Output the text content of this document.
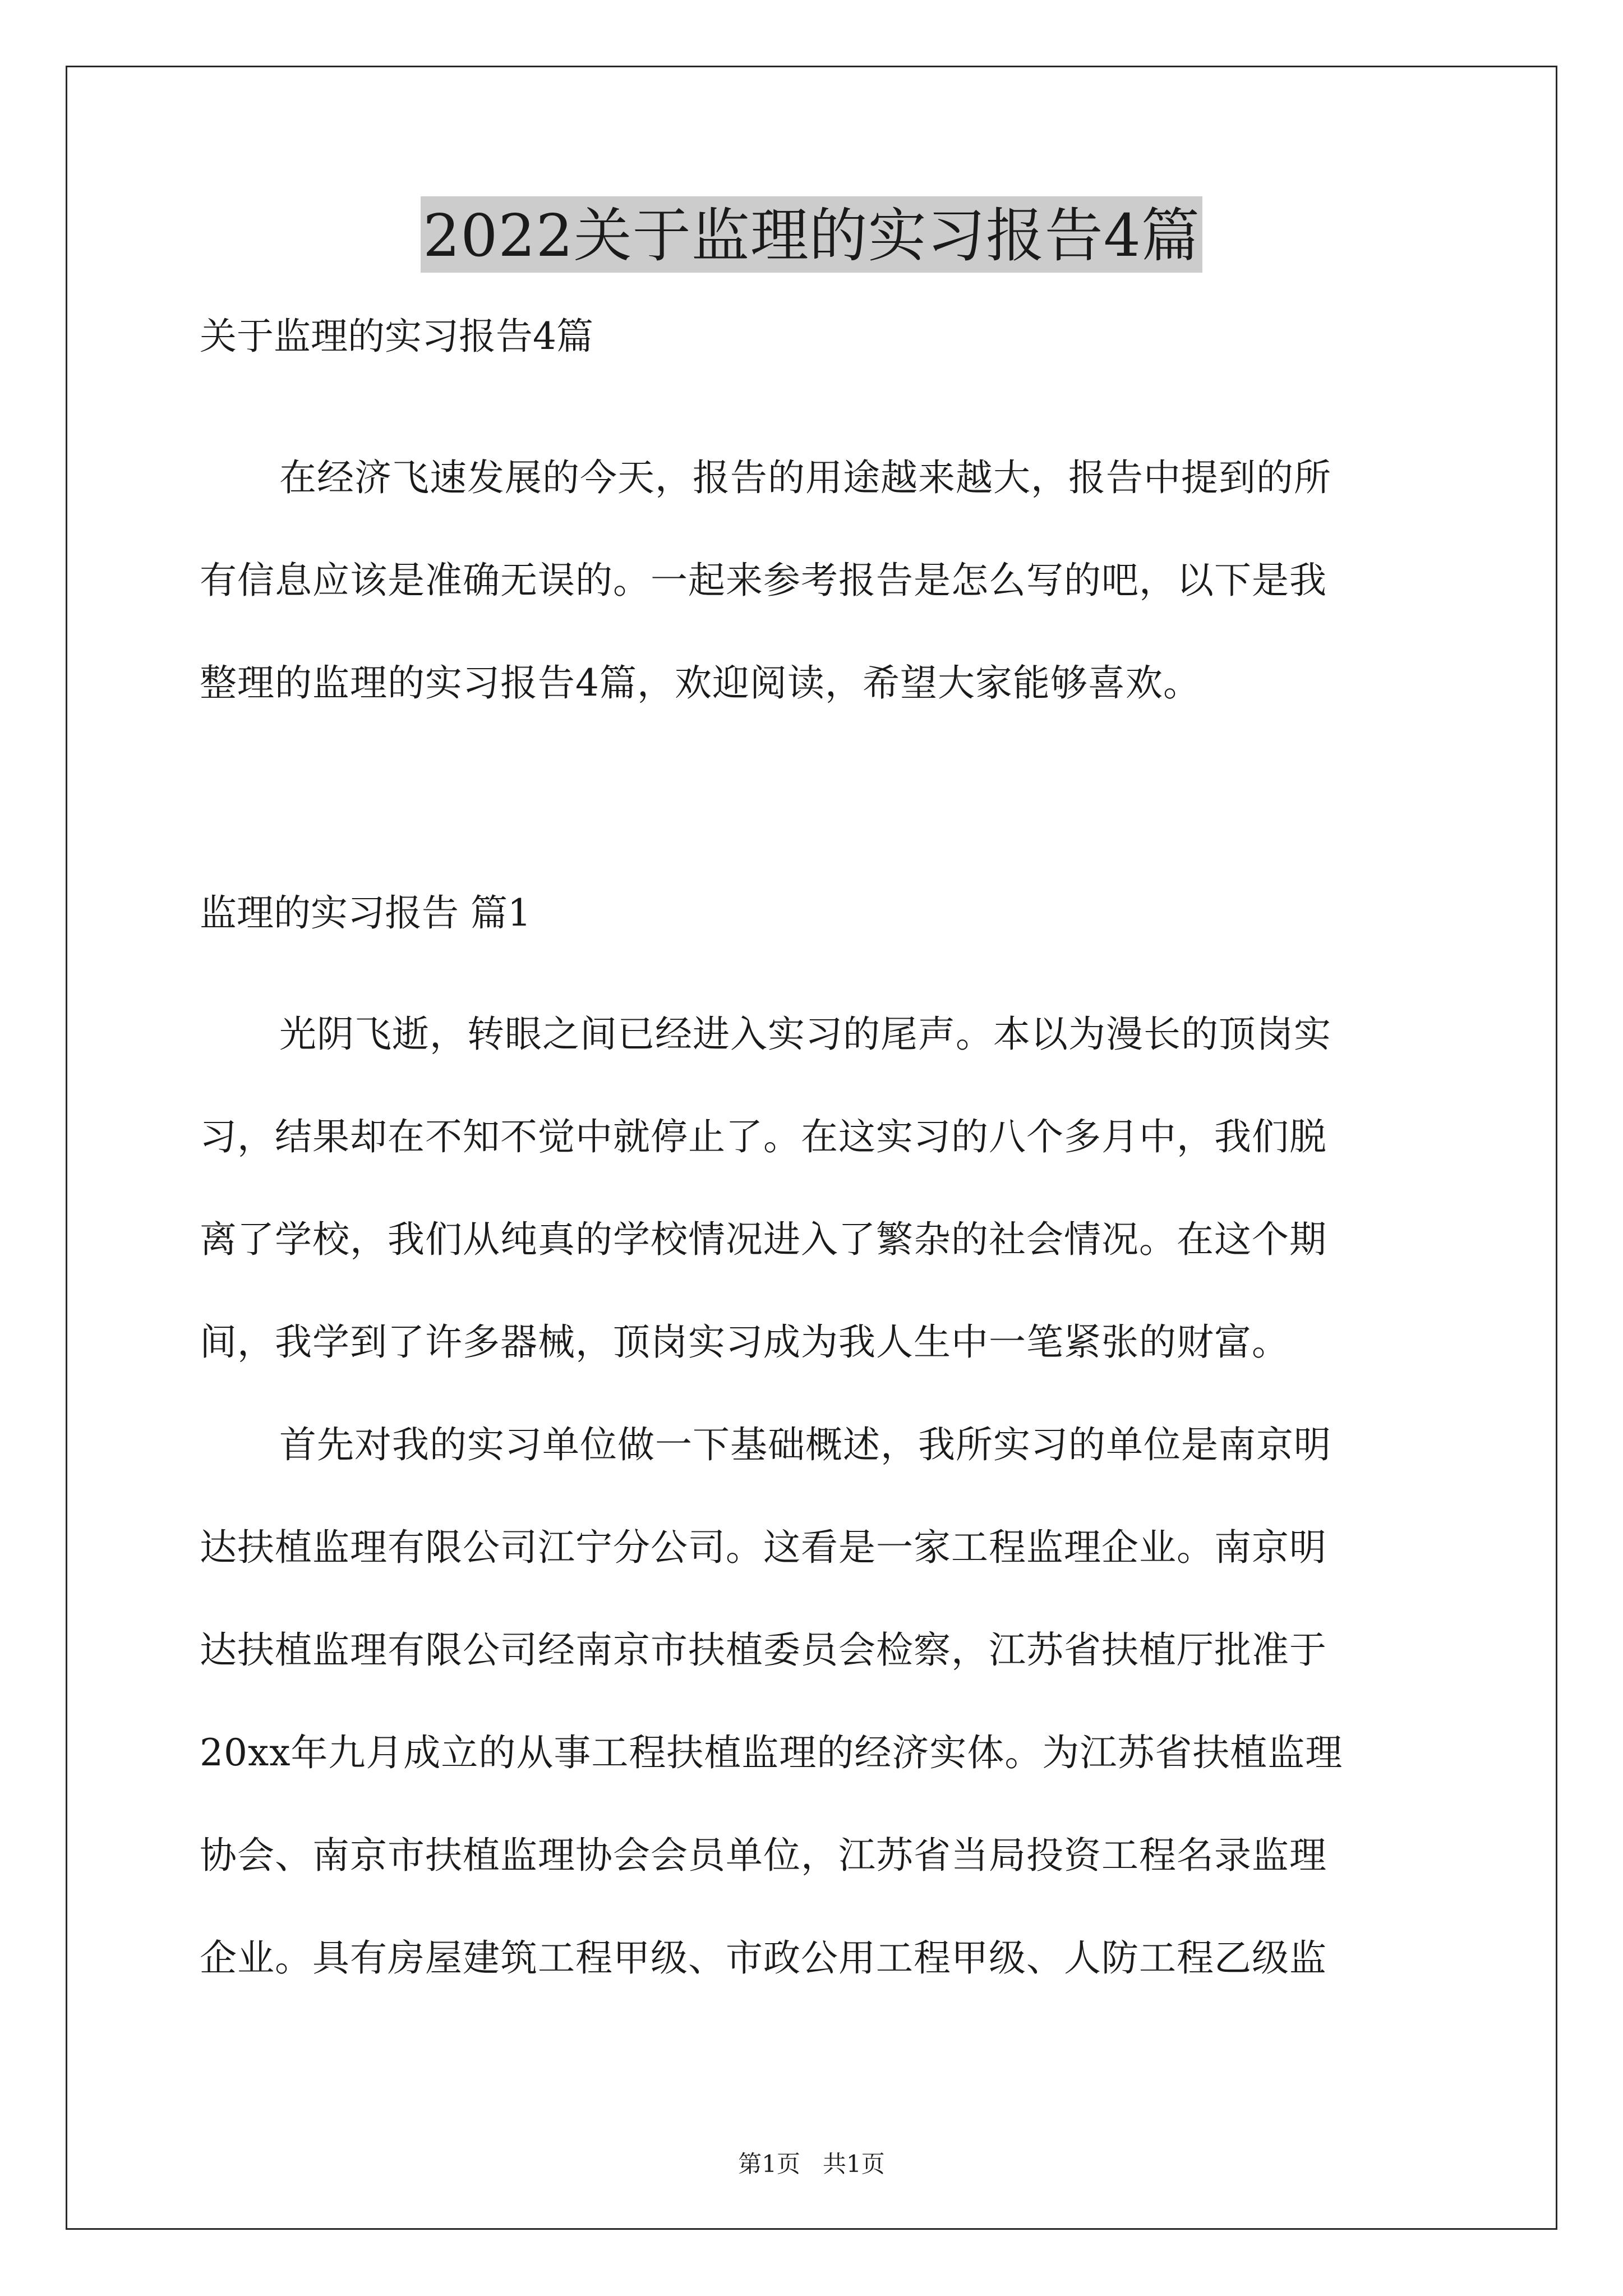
2022关于监理的实习报告4篇
关于监理的实习报告4篇

在经济飞速发展的今天，报告的用途越来越大，报告中提到的所
有信息应该是准确无误的。一起来参考报告是怎么写的吧，以下是我
整理的监理的实习报告4篇，欢迎阅读，希望大家能够喜欢。

监理的实习报告 篇1

光阴飞逝，转眼之间已经进入实习的尾声。本以为漫长的顶岗实
习，结果却在不知不觉中就停止了。在这实习的八个多月中，我们脱
离了学校，我们从纯真的学校情况进入了繁杂的社会情况。在这个期
间，我学到了许多器械，顶岗实习成为我人生中一笔紧张的财富。

首先对我的实习单位做一下基础概述，我所实习的单位是南京明
达扶植监理有限公司江宁分公司。这看是一家工程监理企业。南京明
达扶植监理有限公司经南京市扶植委员会检察，江苏省扶植厅批准于
20xx年九月成立的从事工程扶植监理的经济实体。为江苏省扶植监理
协会、南京市扶植监理协会会员单位，江苏省当局投资工程名录监理
企业。具有房屋建筑工程甲级、市政公用工程甲级、人防工程乙级监

第1页   共1页
